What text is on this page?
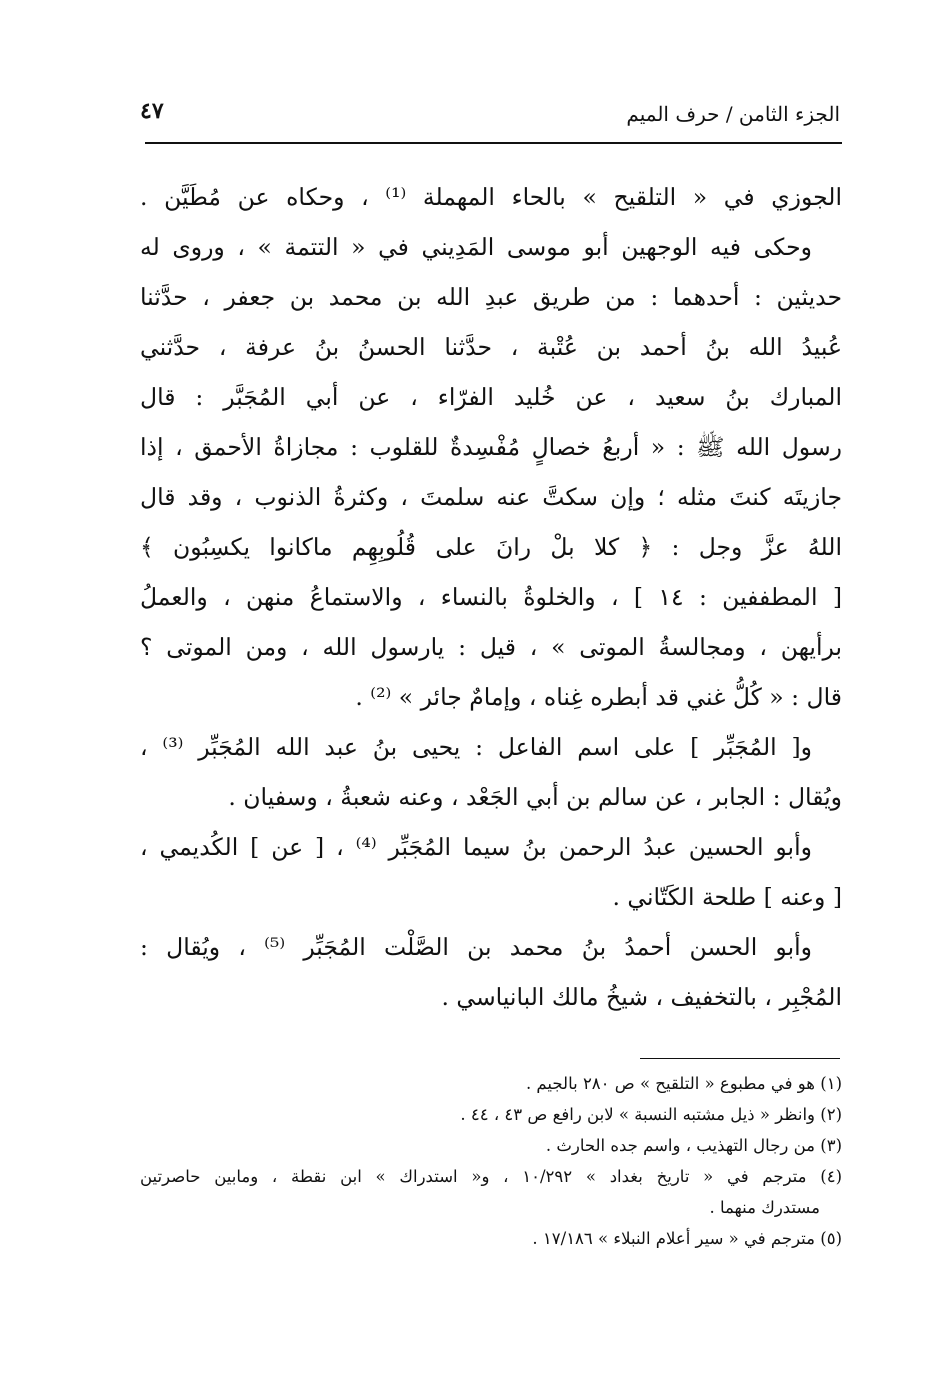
الجزء الثامن / حرف الميم
٤٧
الجوزي في « التلقيح » بالحاء المهملة ⁽¹⁾ ، وحكاه عن مُطَيَّن .
وحكى فيه الوجهين أبو موسى المَدِيني في « التتمة » ، وروى له
حديثين : أحدهما : من طريق عبدِ الله بن محمد بن جعفر ، حدَّثنا
عُبيدُ الله بنُ أحمد بن عُتْبة ، حدَّثنا الحسنُ بنُ عرفة ، حدَّثني
المبارك بنُ سعيد ، عن خُليد الفرّاء ، عن أبي المُجَبَّر : قال
رسول الله ﷺ : « أربعُ خصالٍ مُفْسِدةٌ للقلوب : مجازاةُ الأحمق ، إذا
جازيتَه كنتَ مثله ؛ وإن سكتَّ عنه سلمتَ ، وكثرةُ الذنوب ، وقد قال
اللهُ عزَّ وجل : ﴿ كلا بلْ رانَ على قُلُوبِهِم ماكانوا يكسِبُون ﴾
[ المطففين : ١٤ ] ، والخلوةُ بالنساء ، والاستماعُ منهن ، والعملُ
برأيهن ، ومجالسةُ الموتى » ، قيل : يارسول الله ، ومن الموتى ؟
قال : « كُلُّ غني قد أبطره غِناه ، وإمامٌ جائر » ⁽²⁾ .
و[ المُجَبِّر ] على اسم الفاعل : يحيى بنُ عبد الله المُجَبِّر ⁽³⁾ ،
ويُقال : الجابر ، عن سالم بن أبي الجَعْد ، وعنه شعبةُ ، وسفيان .
وأبو الحسين عبدُ الرحمن بنُ سيما المُجَبِّر ⁽⁴⁾ ، [ عن ] الكُديمي ،
[ وعنه ] طلحة الكَتّاني .
وأبو الحسن أحمدُ بنُ محمد بن الصَّلْت المُجَبِّر ⁽⁵⁾ ، ويُقال :
المُجْبِر ، بالتخفيف ، شيخُ مالك البانياسي .
(١) هو في مطبوع « التلقيح » ص ٢٨٠ بالجيم .
(٢) وانظر « ذيل مشتبه النسبة » لابن رافع ص ٤٣ ، ٤٤ .
(٣) من رجال التهذيب ، واسم جده الحارث .
(٤) مترجم في « تاريخ بغداد » ١٠/٢٩٢ ، و« استدراك » ابن نقطة ، ومابين حاصرتين
مستدرك منهما .
(٥) مترجم في « سير أعلام النبلاء » ١٧/١٨٦ .
